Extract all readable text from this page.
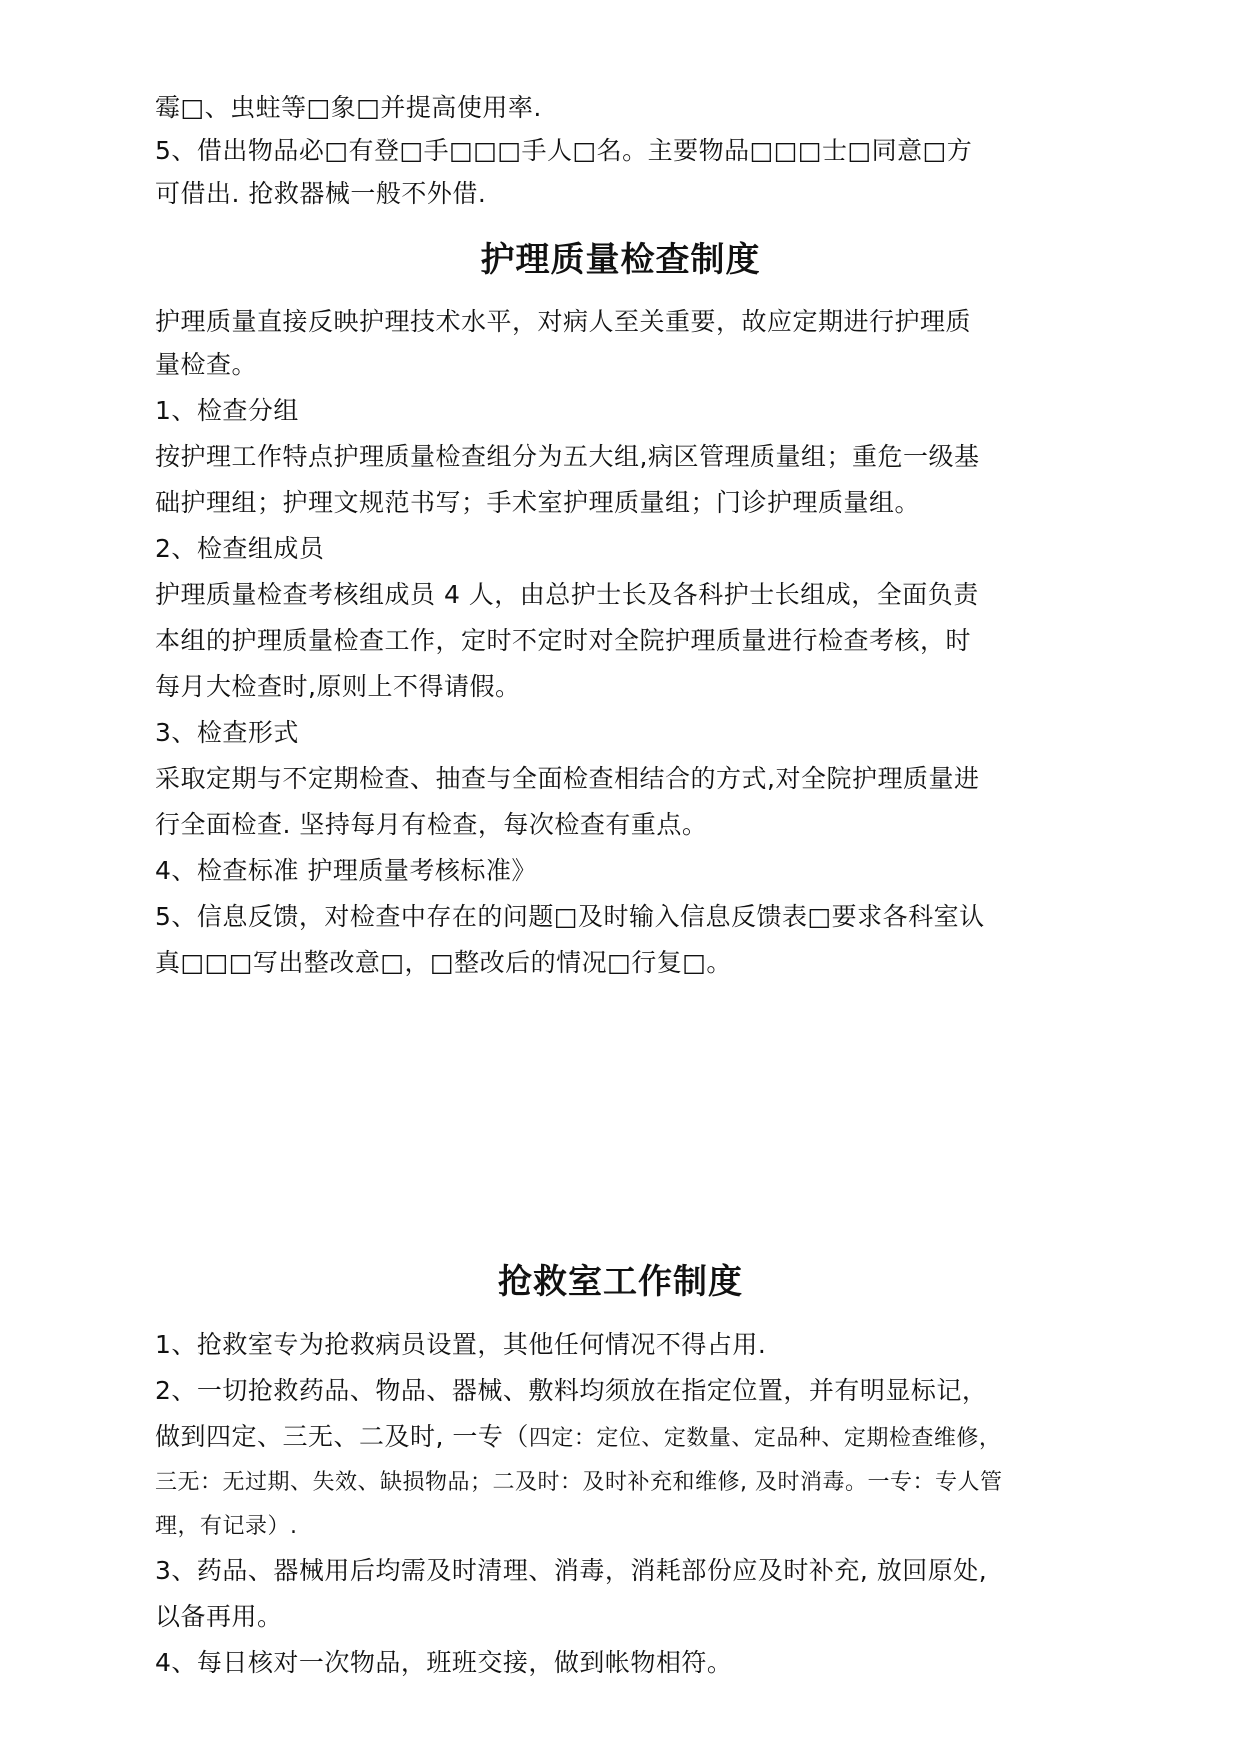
霉□、虫蛀等□象□并提高使用率.
5、借出物品必□有登□手□□□手人□名。主要物品□□□士□同意□方
可借出. 抢救器械一般不外借.
护理质量检查制度
护理质量直接反映护理技术水平，对病人至关重要，故应定期进行护理质
量检查。
1、检查分组
按护理工作特点护理质量检查组分为五大组,病区管理质量组；重危一级基
础护理组；护理文规范书写；手术室护理质量组；门诊护理质量组。
2、检查组成员
护理质量检查考核组成员 4 人，由总护士长及各科护士长组成，全面负责
本组的护理质量检查工作，定时不定时对全院护理质量进行检查考核，时
每月大检查时,原则上不得请假。
3、检查形式
采取定期与不定期检查、抽查与全面检查相结合的方式,对全院护理质量进
行全面检查. 坚持每月有检查，每次检查有重点。
4、检查标准 护理质量考核标准》
5、信息反馈，对检查中存在的问题□及时输入信息反馈表□要求各科室认
真□□□写出整改意□，□整改后的情况□行复□。
抢救室工作制度
1、抢救室专为抢救病员设置，其他任何情况不得占用.
2、一切抢救药品、物品、器械、敷料均须放在指定位置，并有明显标记，
做到四定、三无、二及时, 一专（四定：定位、定数量、定品种、定期检查维修，
三无：无过期、失效、缺损物品；二及时：及时补充和维修, 及时消毒。一专：专人管
理，有记录）.
3、药品、器械用后均需及时清理、消毒，消耗部份应及时补充, 放回原处,
以备再用。
4、每日核对一次物品，班班交接，做到帐物相符。
